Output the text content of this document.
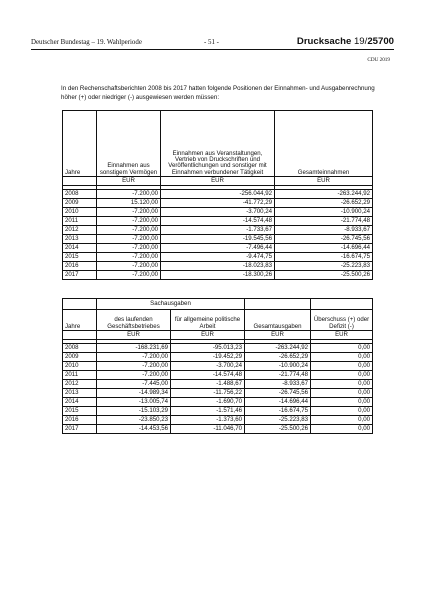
Deutscher Bundestag – 19. Wahlperiode	- 51 -	Drucksache 19/25700
CDU 2019
In den Rechenschaftsberichten 2008 bis 2017 hatten folgende Positionen der Einnahmen- und Ausgabenrechnung höher (+) oder niedriger (-) ausgewiesen werden müssen:
Jahre	Einnahmen aus sonstigem Vermögen	Einnahmen aus Veranstaltungen, Vertrieb von Druckschriften und Veröffentlichungen und sonstiger mit Einnahmen verbundener Tätigkeit	Gesamteinnahmen
	EUR	EUR	EUR

2008	-7.200,00	-256.044,92	-263.244,92
2009	15.120,00	-41.772,29	-26.652,29
2010	-7.200,00	-3.700,24	-10.900,24
2011	-7.200,00	-14.574,48	-21.774,48
2012	-7.200,00	-1.733,67	-8.933,67
2013	-7.200,00	-19.545,56	-26.745,56
2014	-7.200,00	-7.496,44	-14.696,44
2015	-7.200,00	-9.474,75	-16.674,75
2016	-7.200,00	-18.023,83	-25.223,83
2017	-7.200,00	-18.300,26	-25.500,26
	Sachausgaben			
Jahre	des laufenden Geschäftsbetriebes	für allgemeine politische Arbeit	Gesamtausgaben	Überschuss (+) oder Defizit (-)
	EUR	EUR	EUR	EUR

2008	-168.231,69	-95.013,23	-263.244,92	0,00
2009	-7.200,00	-19.452,29	-26.652,29	0,00
2010	-7.200,00	-3.700,24	-10.900,24	0,00
2011	-7.200,00	-14.574,48	-21.774,48	0,00
2012	-7.445,00	-1.488,67	-8.933,67	0,00
2013	-14.989,34	-11.756,22	-26.745,56	0,00
2014	-13.005,74	-1.690,70	-14.696,44	0,00
2015	-15.103,29	-1.571,46	-16.674,75	0,00
2016	-23.850,23	-1.373,60	-25.223,83	0,00
2017	-14.453,56	-11.046,70	-25.500,26	0,00
